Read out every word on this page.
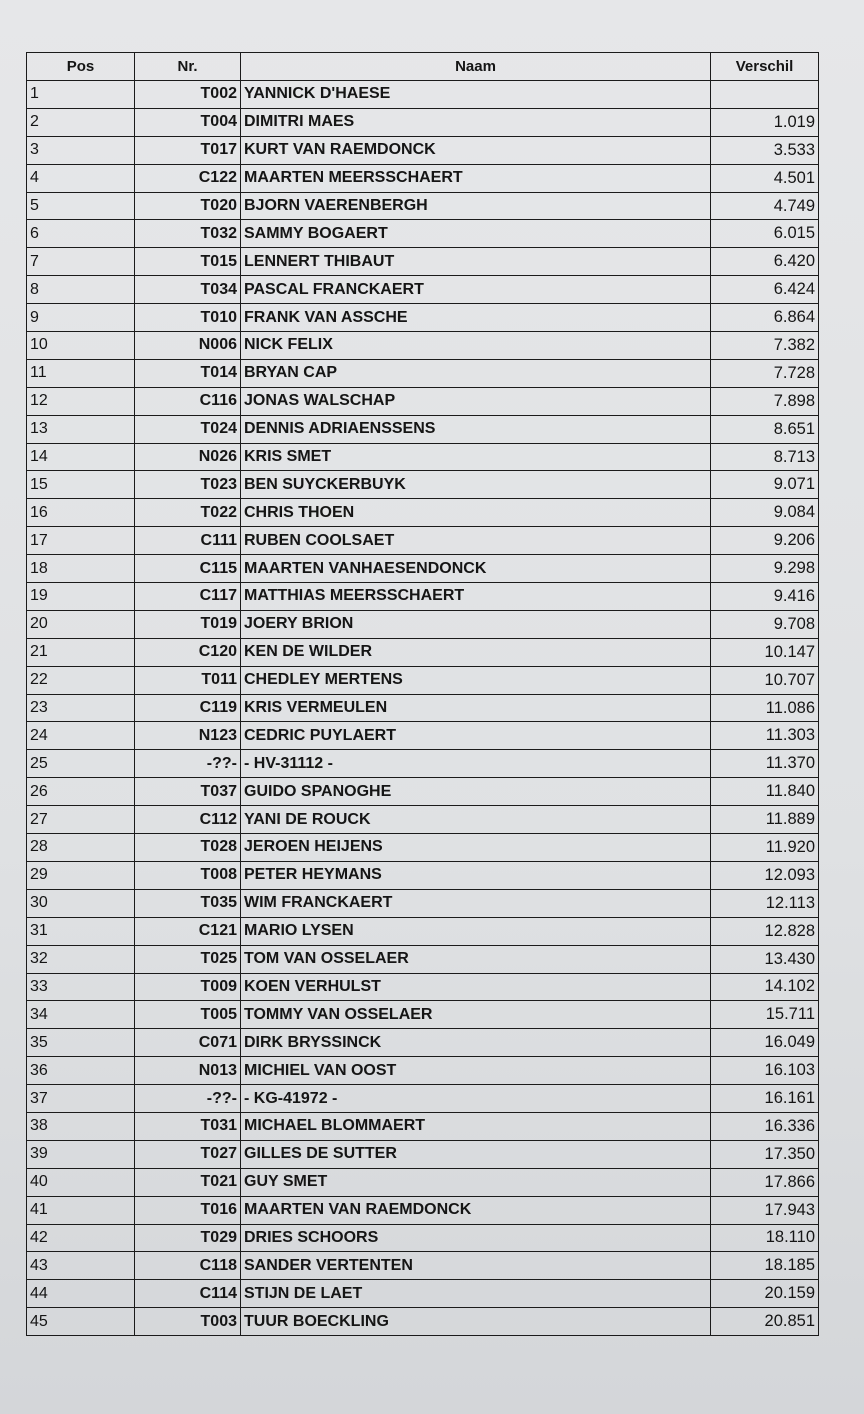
Pos	Nr.	Naam	Verschil
1	T002	YANNICK D'HAESE	
2	T004	DIMITRI MAES	1.019
3	T017	KURT VAN RAEMDONCK	3.533
4	C122	MAARTEN MEERSSCHAERT	4.501
5	T020	BJORN VAERENBERGH	4.749
6	T032	SAMMY BOGAERT	6.015
7	T015	LENNERT THIBAUT	6.420
8	T034	PASCAL FRANCKAERT	6.424
9	T010	FRANK VAN ASSCHE	6.864
10	N006	NICK FELIX	7.382
11	T014	BRYAN CAP	7.728
12	C116	JONAS WALSCHAP	7.898
13	T024	DENNIS ADRIAENSSENS	8.651
14	N026	KRIS SMET	8.713
15	T023	BEN SUYCKERBUYK	9.071
16	T022	CHRIS THOEN	9.084
17	C111	RUBEN COOLSAET	9.206
18	C115	MAARTEN VANHAESENDONCK	9.298
19	C117	MATTHIAS MEERSSCHAERT	9.416
20	T019	JOERY BRION	9.708
21	C120	KEN DE WILDER	10.147
22	T011	CHEDLEY MERTENS	10.707
23	C119	KRIS VERMEULEN	11.086
24	N123	CEDRIC PUYLAERT	11.303
25	-??-	- HV-31112 -	11.370
26	T037	GUIDO SPANOGHE	11.840
27	C112	YANI DE ROUCK	11.889
28	T028	JEROEN HEIJENS	11.920
29	T008	PETER HEYMANS	12.093
30	T035	WIM FRANCKAERT	12.113
31	C121	MARIO LYSEN	12.828
32	T025	TOM VAN OSSELAER	13.430
33	T009	KOEN VERHULST	14.102
34	T005	TOMMY VAN OSSELAER	15.711
35	C071	DIRK BRYSSINCK	16.049
36	N013	MICHIEL VAN OOST	16.103
37	-??-	- KG-41972 -	16.161
38	T031	MICHAEL BLOMMAERT	16.336
39	T027	GILLES DE SUTTER	17.350
40	T021	GUY SMET	17.866
41	T016	MAARTEN VAN RAEMDONCK	17.943
42	T029	DRIES SCHOORS	18.110
43	C118	SANDER VERTENTEN	18.185
44	C114	STIJN DE LAET	20.159
45	T003	TUUR BOECKLING	20.851
